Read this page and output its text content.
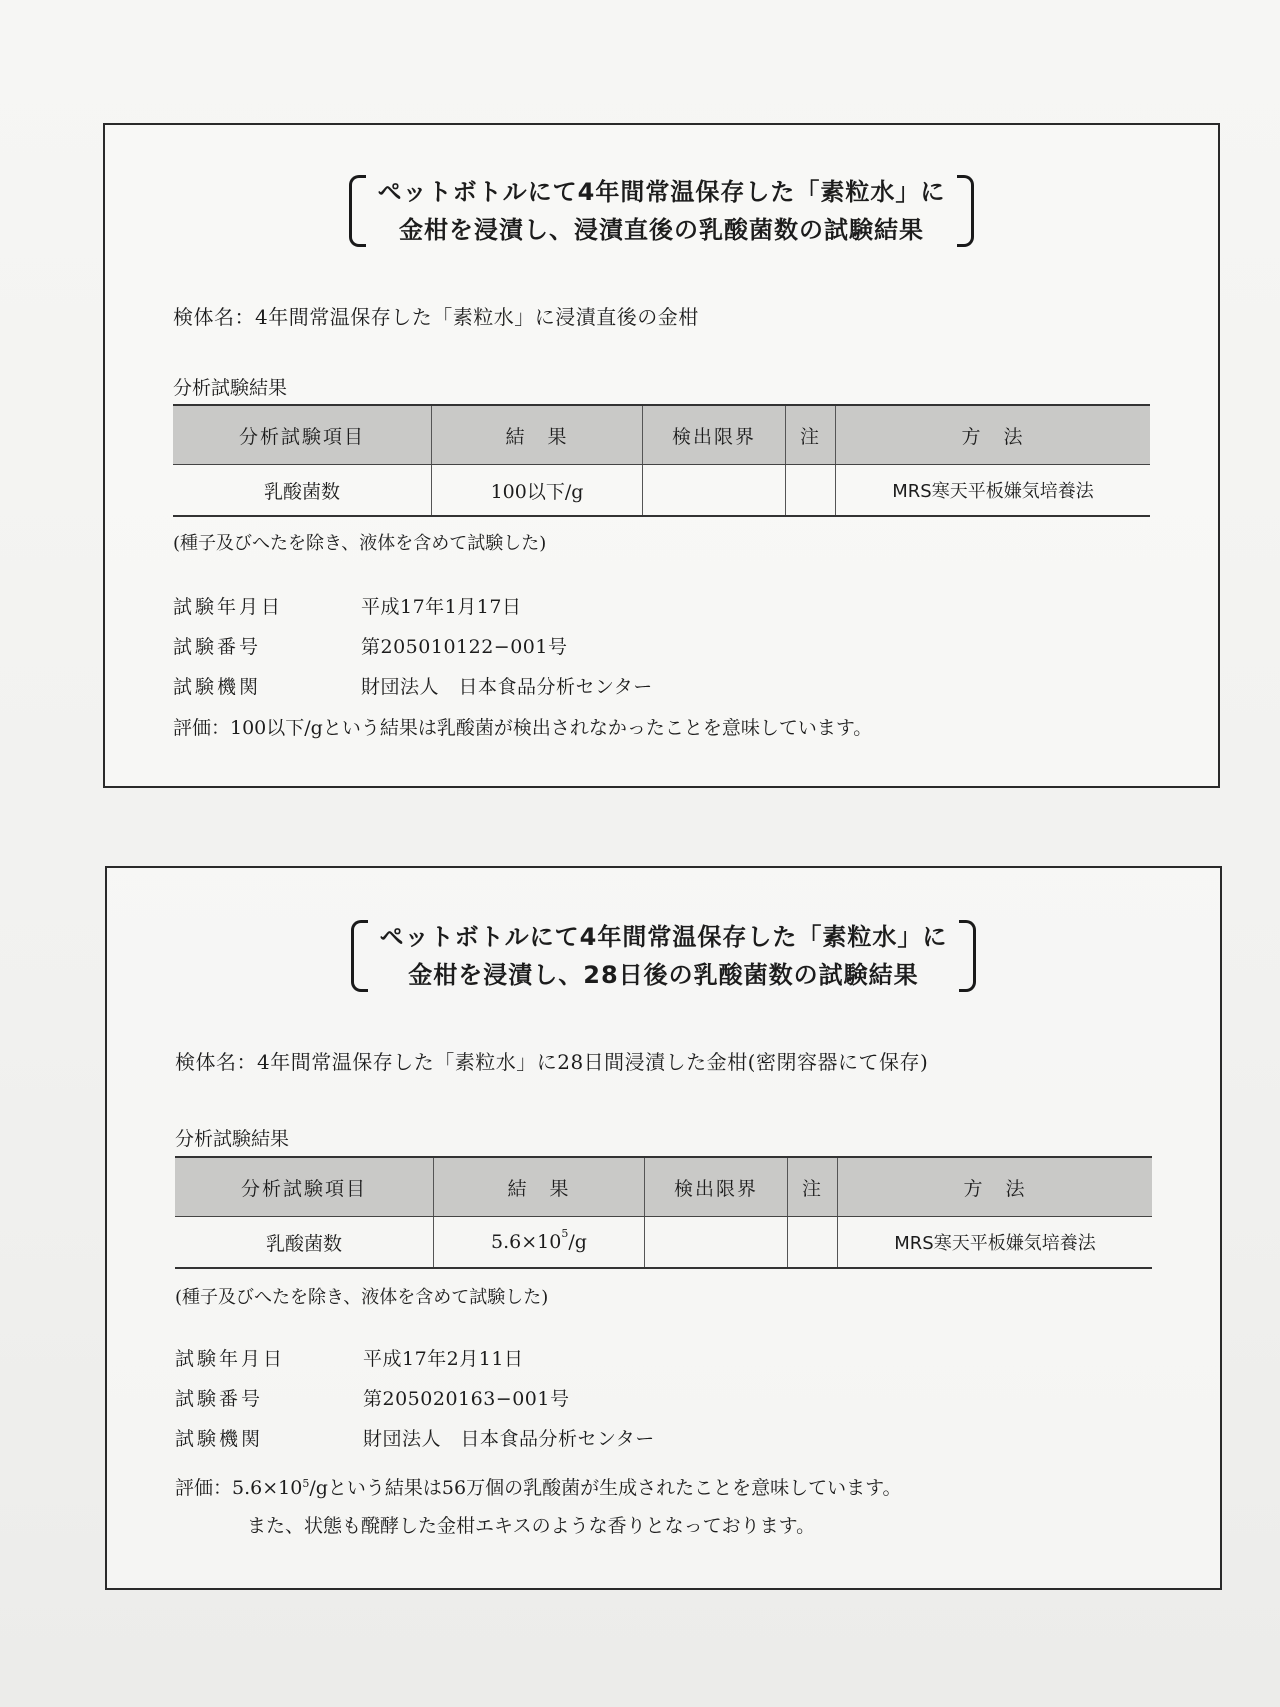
ペットボトルにて4年間常温保存した「素粒水」に
金柑を浸漬し、浸漬直後の乳酸菌数の試験結果
検体名：4年間常温保存した「素粒水」に浸漬直後の金柑
分析試験結果
分析試験項目	結　果	検出限界	注	方　法
乳酸菌数	100以下/g			MRS寒天平板嫌気培養法
(種子及びへたを除き、液体を含めて試験した)
試験年月日	平成17年1月17日
試験番号	第205010122−001号
試験機関	財団法人　日本食品分析センター
評価：100以下/gという結果は乳酸菌が検出されなかったことを意味しています。
ペットボトルにて4年間常温保存した「素粒水」に
金柑を浸漬し、28日後の乳酸菌数の試験結果
検体名：4年間常温保存した「素粒水」に28日間浸漬した金柑(密閉容器にて保存)
分析試験結果
分析試験項目	結　果	検出限界	注	方　法
乳酸菌数	$5.6\times 10^5/g$			MRS寒天平板嫌気培養法
(種子及びへたを除き、液体を含めて試験した)
試験年月日	平成17年2月11日
試験番号	第205020163−001号
試験機関	財団法人　日本食品分析センター
評価：$5.6\times 10^5/g$という結果は56万個の乳酸菌が生成されたことを意味しています。
また、状態も醗酵した金柑エキスのような香りとなっております。
